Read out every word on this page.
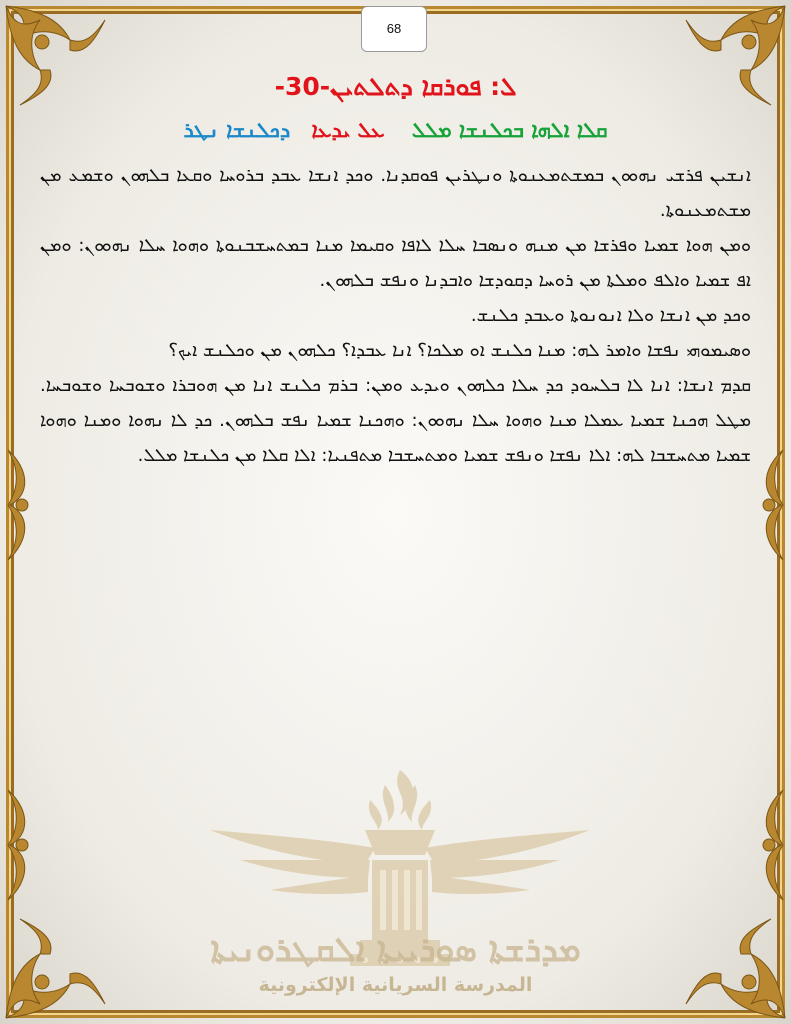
68
ܠ: ܦܘܪܩܐ ܕܬܠܬܝܢ-30-
ܩܠܐ ܐܠܗܐ ܒܟܠܢܫܐ ܡܠܠ ܥܠ ܝܕܥܐ ܕܟܠܢܫܐ ܢܛܪ

ܐܢܫܝܢ ܦܪܫܝ ܢܗܘܘܢ ܒܡܫܬܡܥܢܘܬܐ ܘܢܛܪܝܢ ܦܘܩܕܢܐ. ܘܟܕ ܐܢܫܐ ܥܒܕ ܒܪܘܚܐ ܘܩܥܐ ܒܠܗܘܢ ܘܫܡܥ ܡܢ ܡܫܬܡܥܢܘܬܐ.

ܘܡܢ ܗܘܐ ܫܡܝܐ ܘܦܪܫܐ ܡܢ ܡܢܗ ܘܢܣܒܐ ܚܠܐ ܠܐܦܐ ܘܩܝܡܐ ܡܢܐ ܒܡܬܚܫܒܢܘܬܐ ܘܗܘܐ ܚܠܐ ܢܗܘܘܢ: ܘܡܢ ܐܦ ܫܡܝܐ ܘܐܠܦ ܘܡܠܬܐ ܡܢ ܪܘܚܐ ܕܩܘܕܫܐ ܘܐܒܕܢܐ ܘܢܦܫ ܒܠܗܘܢ.

ܘܟܕ ܡܢ ܐܢܫܐ ܘܠܐ ܐܢܘܢܘܬܐ ܘܥܒܕ ܟܠܢܫ.

ܘܣܝܡܘܗܝ ܢܦܫܐ ܘܐܡܪ ܠܗ: ܡܢܐ ܟܠܢܫ ܐܘ ܡܠܟܐ؟ ܐܢܐ ܥܒܕܐ؟ ܟܠܗܘܢ ܡܢ ܘܟܠܢܫ ܐܝܟ؟

ܩܕܡ ܐܢܫܐ: ܐܢܐ ܠܐ ܒܠܚܘܕ ܟܕ ܚܠܐ ܟܠܗܘܢ ܘܝܕܥ ܘܡܢ: ܒܪܡ ܟܠܢܫ ܐܢܐ ܡܢ ܗܘܒܪܐ ܘܫܘܒܚܐ ܘܫܘܒܚܐ. ܡܛܠ ܗܟܢܐ ܫܡܝܐ ܥܡܠܐ ܡܢܐ ܘܗܘܐ ܚܠܐ ܢܗܘܘܢ: ܘܗܟܢܐ ܫܡܝܐ ܢܦܫ ܒܠܗܘܢ. ܟܕ ܠܐ ܢܗܘܐ ܘܡܢܐ ܘܗܘܐ ܫܡܝܐ ܡܬܚܫܒܐ ܠܗ: ܐܠܐ ܢܦܫܐ ܘܢܦܫ ܫܡܝܐ ܘܡܬܚܫܒܐ ܡܬܦܢܝܐ: ܐܠܐ ܩܠܐ ܡܢ ܟܠܢܫܐ ܡܠܠ.

ܡܕܪܫܬܐ ܣܘܪܝܝܬܐ ܐܠܩܛܪܘܢܝܬܐ
المدرسة السريانية الإلكترونية
